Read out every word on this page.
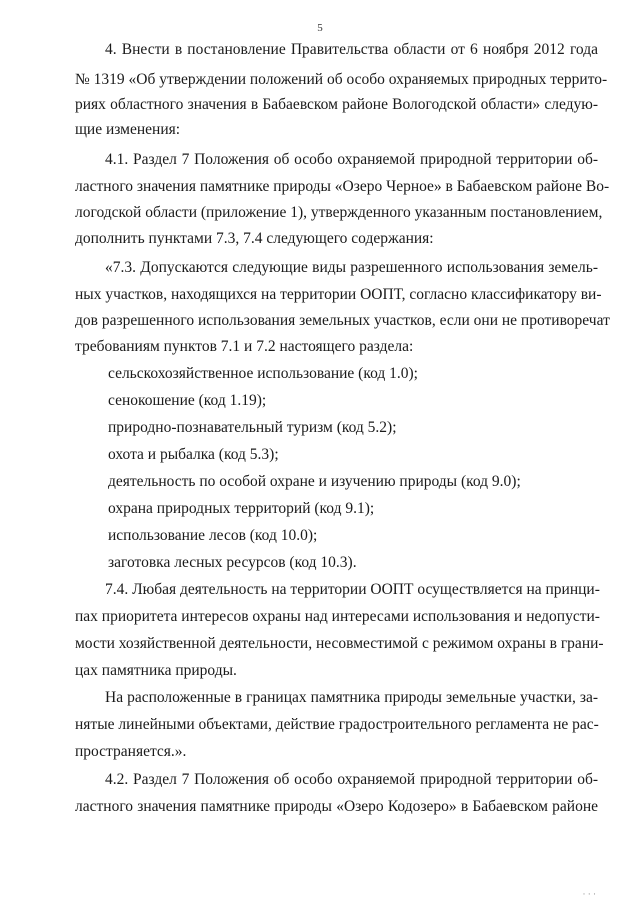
5
4. Внести в постановление Правительства области от 6 ноября 2012 года
№ 1319 «Об утверждении положений об особо охраняемых природных террито-
риях областного значения в Бабаевском районе Вологодской области» следую-
щие изменения:
4.1. Раздел 7 Положения об особо охраняемой природной территории об-
ластного значения памятнике природы «Озеро Черное» в Бабаевском районе Во-
логодской области (приложение 1), утвержденного указанным постановлением,
дополнить пунктами 7.3, 7.4 следующего содержания:
«7.3. Допускаются следующие виды разрешенного использования земель-
ных участков, находящихся на территории ООПТ, согласно классификатору ви-
дов разрешенного использования земельных участков, если они не противоречат
требованиям пунктов 7.1 и 7.2 настоящего раздела:
сельскохозяйственное использование (код 1.0);
сенокошение (код 1.19);
природно-познавательный туризм (код 5.2);
охота и рыбалка (код 5.3);
деятельность по особой охране и изучению природы (код 9.0);
охрана природных территорий (код 9.1);
использование лесов (код 10.0);
заготовка лесных ресурсов (код 10.3).
7.4. Любая деятельность на территории ООПТ осуществляется на принци-
пах приоритета интересов охраны над интересами использования и недопусти-
мости хозяйственной деятельности, несовместимой с режимом охраны в грани-
цах памятника природы.
На расположенные в границах памятника природы земельные участки, за-
нятые линейными объектами, действие градостроительного регламента не рас-
пространяется.».
4.2. Раздел 7 Положения об особо охраняемой природной территории об-
ластного значения памятнике природы «Озеро Кодозеро» в Бабаевском районе
· · ·
